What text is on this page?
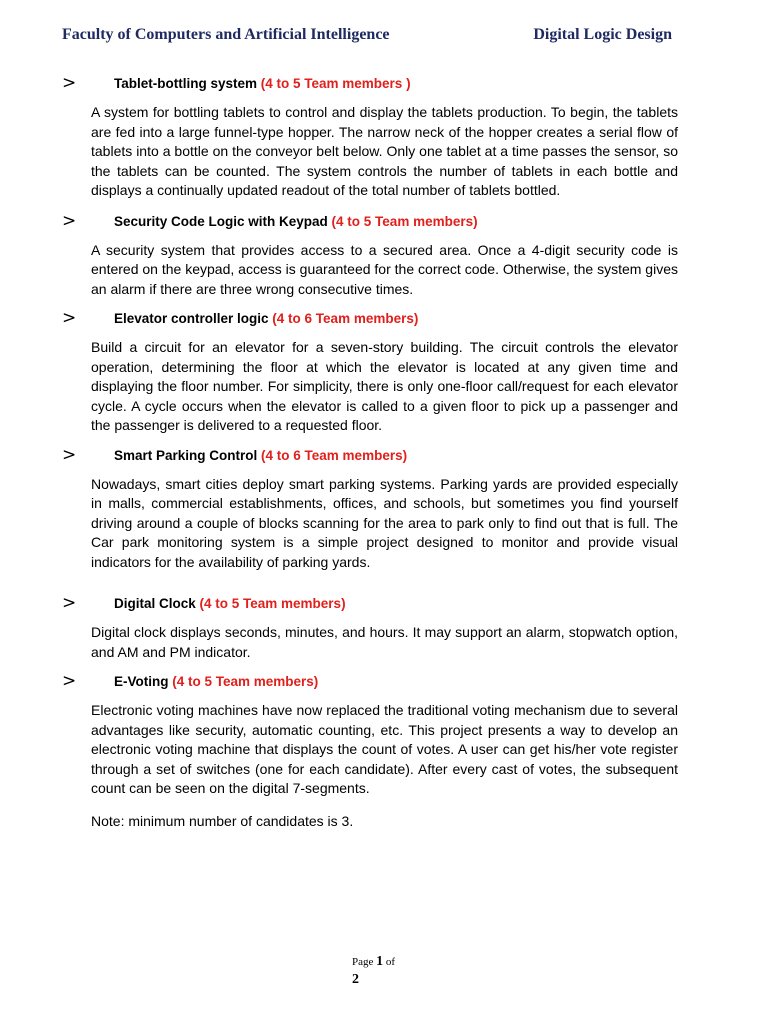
Faculty of Computers and Artificial Intelligence	Digital Logic Design
>	Tablet-bottling system (4 to 5 Team members )

A system for bottling tablets to control and display the tablets production. To begin, the tablets are fed into a large funnel-type hopper. The narrow neck of the hopper creates a serial flow of tablets into a bottle on the conveyor belt below. Only one tablet at a time passes the sensor, so the tablets can be counted. The system controls the number of tablets in each bottle and displays a continually updated readout of the total number of tablets bottled.

>	Security Code Logic with Keypad (4 to 5 Team members)

A security system that provides access to a secured area. Once a 4-digit security code is entered on the keypad, access is guaranteed for the correct code. Otherwise, the system gives an alarm if there are three wrong consecutive times.

>	Elevator controller logic (4 to 6 Team members)

Build a circuit for an elevator for a seven-story building. The circuit controls the elevator operation, determining the floor at which the elevator is located at any given time and displaying the floor number. For simplicity, there is only one-floor call/request for each elevator cycle. A cycle occurs when the elevator is called to a given floor to pick up a passenger and the passenger is delivered to a requested floor.

>	Smart Parking Control (4 to 6 Team members)

Nowadays, smart cities deploy smart parking systems. Parking yards are provided especially in malls, commercial establishments, offices, and schools, but sometimes you find yourself driving around a couple of blocks scanning for the area to park only to find out that is full. The Car park monitoring system is a simple project designed to monitor and provide visual indicators for the availability of parking yards.

>	Digital Clock (4 to 5 Team members)

Digital clock displays seconds, minutes, and hours. It may support an alarm, stopwatch option, and AM and PM indicator.

>	E-Voting (4 to 5 Team members)

Electronic voting machines have now replaced the traditional voting mechanism due to several advantages like security, automatic counting, etc. This project presents a way to develop an electronic voting machine that displays the count of votes. A user can get his/her vote register through a set of switches (one for each candidate). After every cast of votes, the subsequent count can be seen on the digital 7-segments.

Note: minimum number of candidates is 3.

Page 1 of
2
